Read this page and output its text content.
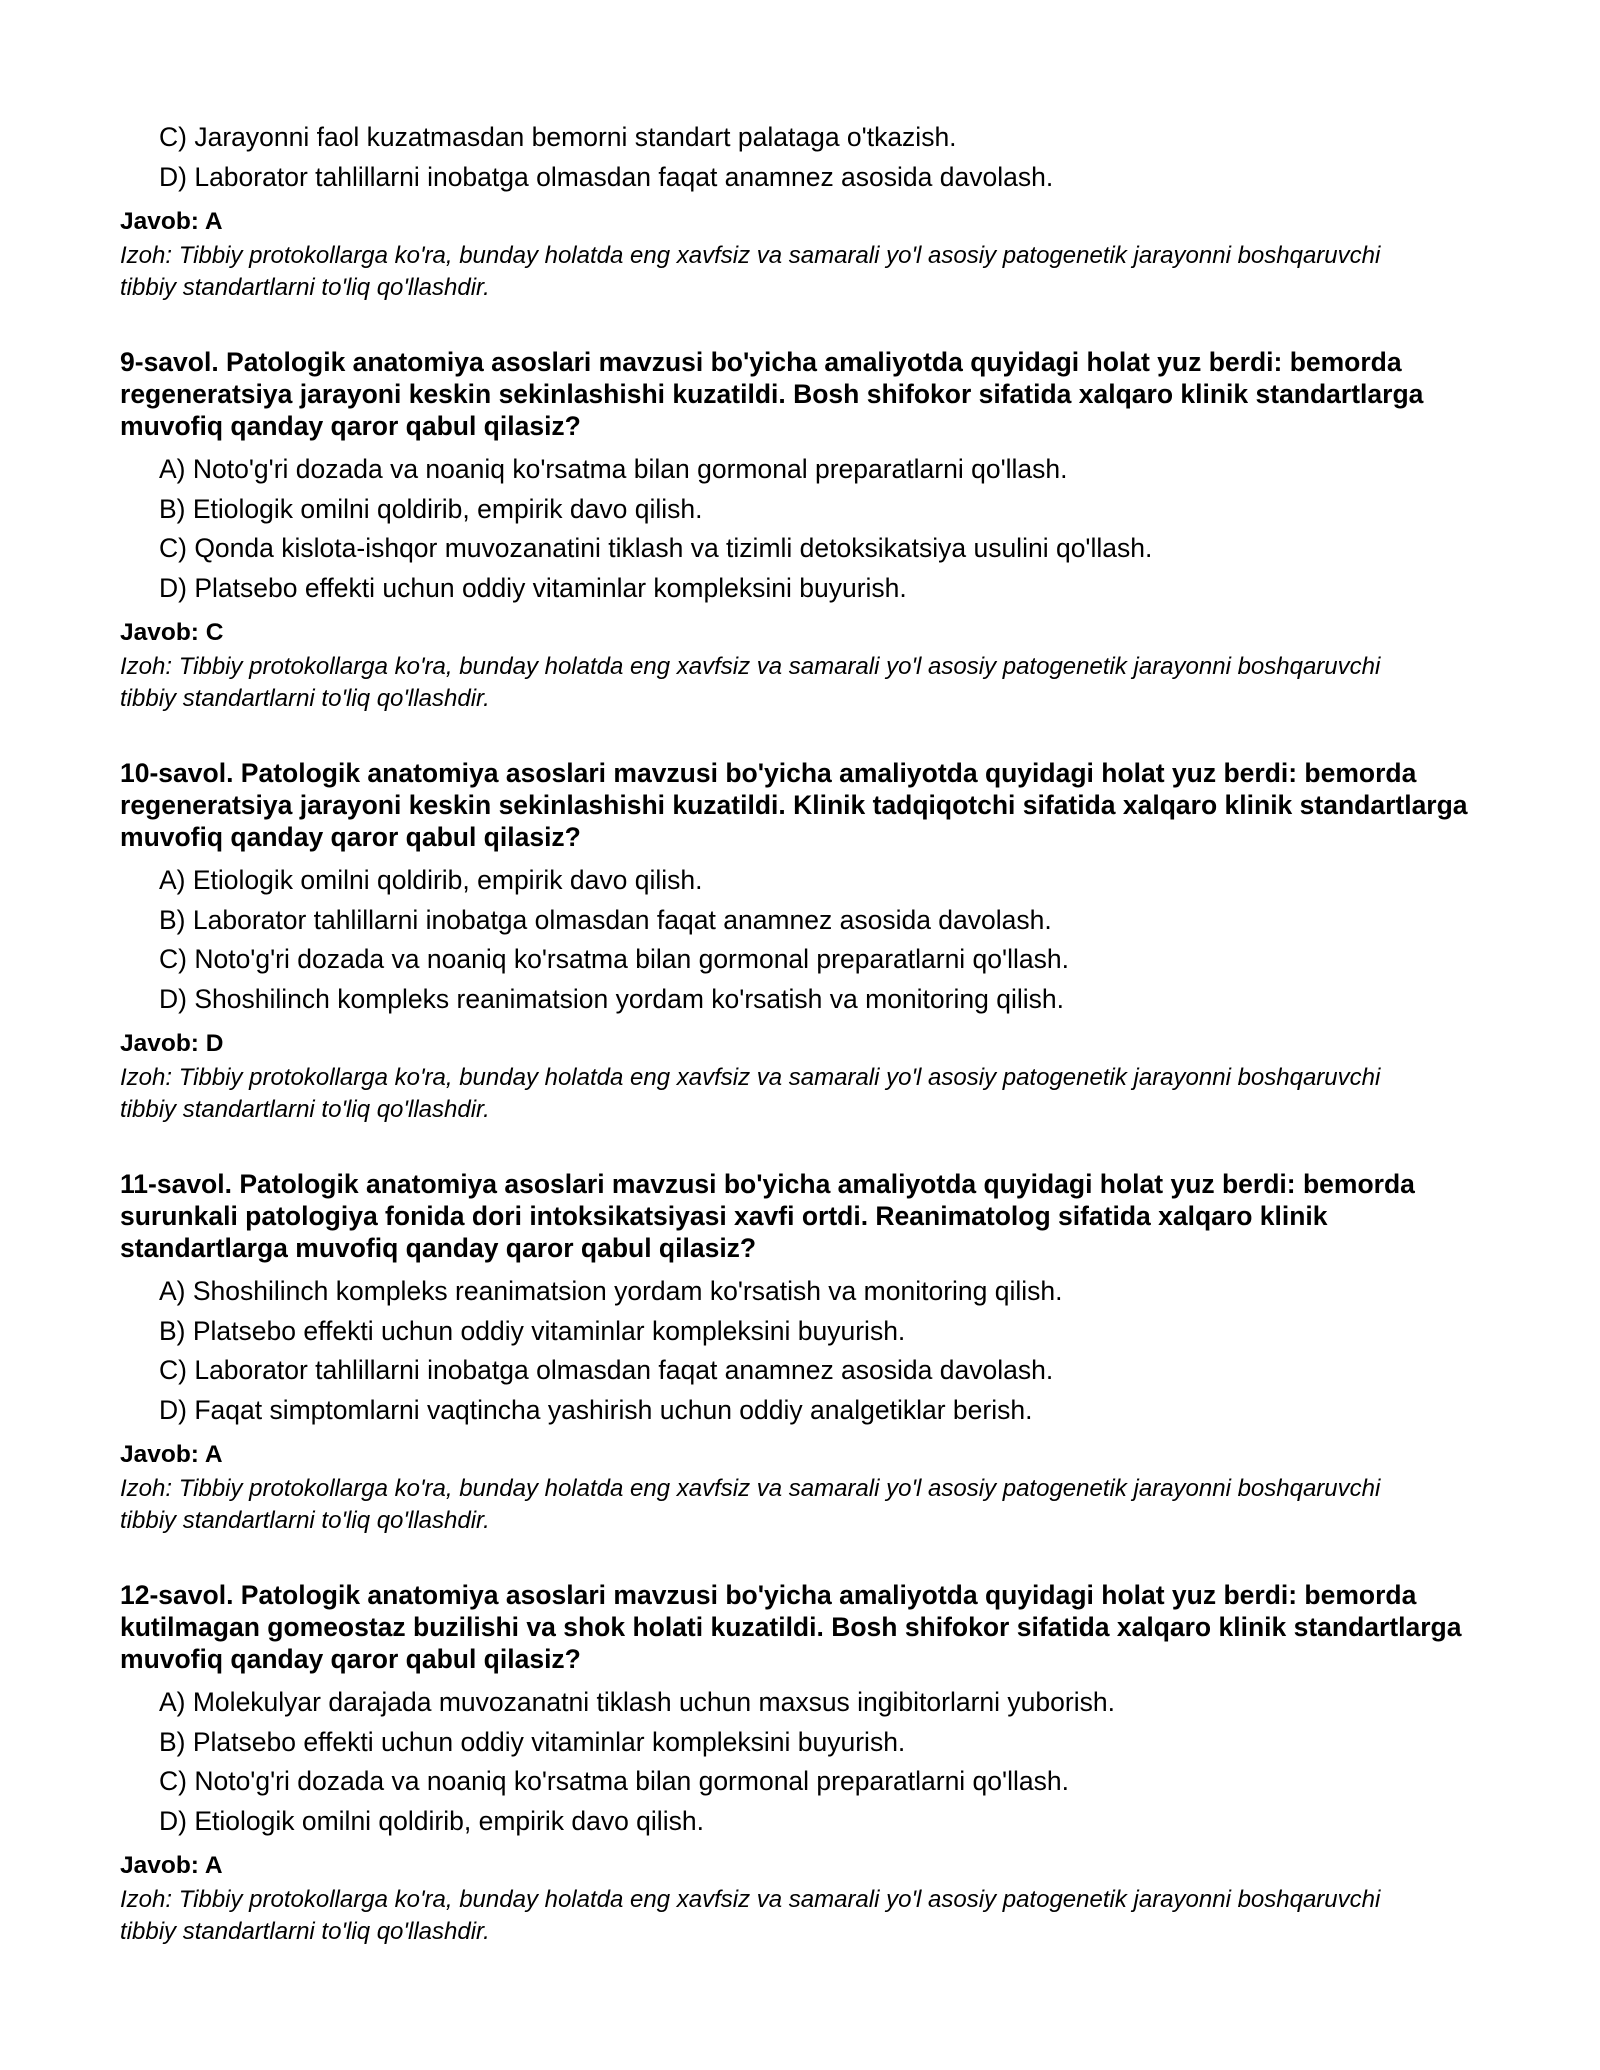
C) Jarayonni faol kuzatmasdan bemorni standart palataga o'tkazish.
D) Laborator tahlillarni inobatga olmasdan faqat anamnez asosida davolash.
Javob: A
Izoh: Tibbiy protokollarga ko'ra, bunday holatda eng xavfsiz va samarali yo'l asosiy patogenetik jarayonni boshqaruvchi tibbiy standartlarni to'liq qo'llashdir.
9-savol. Patologik anatomiya asoslari mavzusi bo'yicha amaliyotda quyidagi holat yuz berdi: bemorda regeneratsiya jarayoni keskin sekinlashishi kuzatildi. Bosh shifokor sifatida xalqaro klinik standartlarga muvofiq qanday qaror qabul qilasiz?
A) Noto'g'ri dozada va noaniq ko'rsatma bilan gormonal preparatlarni qo'llash.
B) Etiologik omilni qoldirib, empirik davo qilish.
C) Qonda kislota-ishqor muvozanatini tiklash va tizimli detoksikatsiya usulini qo'llash.
D) Platsebo effekti uchun oddiy vitaminlar kompleksini buyurish.
Javob: C
Izoh: Tibbiy protokollarga ko'ra, bunday holatda eng xavfsiz va samarali yo'l asosiy patogenetik jarayonni boshqaruvchi tibbiy standartlarni to'liq qo'llashdir.
10-savol. Patologik anatomiya asoslari mavzusi bo'yicha amaliyotda quyidagi holat yuz berdi: bemorda regeneratsiya jarayoni keskin sekinlashishi kuzatildi. Klinik tadqiqotchi sifatida xalqaro klinik standartlarga muvofiq qanday qaror qabul qilasiz?
A) Etiologik omilni qoldirib, empirik davo qilish.
B) Laborator tahlillarni inobatga olmasdan faqat anamnez asosida davolash.
C) Noto'g'ri dozada va noaniq ko'rsatma bilan gormonal preparatlarni qo'llash.
D) Shoshilinch kompleks reanimatsion yordam ko'rsatish va monitoring qilish.
Javob: D
Izoh: Tibbiy protokollarga ko'ra, bunday holatda eng xavfsiz va samarali yo'l asosiy patogenetik jarayonni boshqaruvchi tibbiy standartlarni to'liq qo'llashdir.
11-savol. Patologik anatomiya asoslari mavzusi bo'yicha amaliyotda quyidagi holat yuz berdi: bemorda surunkali patologiya fonida dori intoksikatsiyasi xavfi ortdi. Reanimatolog sifatida xalqaro klinik standartlarga muvofiq qanday qaror qabul qilasiz?
A) Shoshilinch kompleks reanimatsion yordam ko'rsatish va monitoring qilish.
B) Platsebo effekti uchun oddiy vitaminlar kompleksini buyurish.
C) Laborator tahlillarni inobatga olmasdan faqat anamnez asosida davolash.
D) Faqat simptomlarni vaqtincha yashirish uchun oddiy analgetiklar berish.
Javob: A
Izoh: Tibbiy protokollarga ko'ra, bunday holatda eng xavfsiz va samarali yo'l asosiy patogenetik jarayonni boshqaruvchi tibbiy standartlarni to'liq qo'llashdir.
12-savol. Patologik anatomiya asoslari mavzusi bo'yicha amaliyotda quyidagi holat yuz berdi: bemorda kutilmagan gomeostaz buzilishi va shok holati kuzatildi. Bosh shifokor sifatida xalqaro klinik standartlarga muvofiq qanday qaror qabul qilasiz?
A) Molekulyar darajada muvozanatni tiklash uchun maxsus ingibitorlarni yuborish.
B) Platsebo effekti uchun oddiy vitaminlar kompleksini buyurish.
C) Noto'g'ri dozada va noaniq ko'rsatma bilan gormonal preparatlarni qo'llash.
D) Etiologik omilni qoldirib, empirik davo qilish.
Javob: A
Izoh: Tibbiy protokollarga ko'ra, bunday holatda eng xavfsiz va samarali yo'l asosiy patogenetik jarayonni boshqaruvchi tibbiy standartlarni to'liq qo'llashdir.
